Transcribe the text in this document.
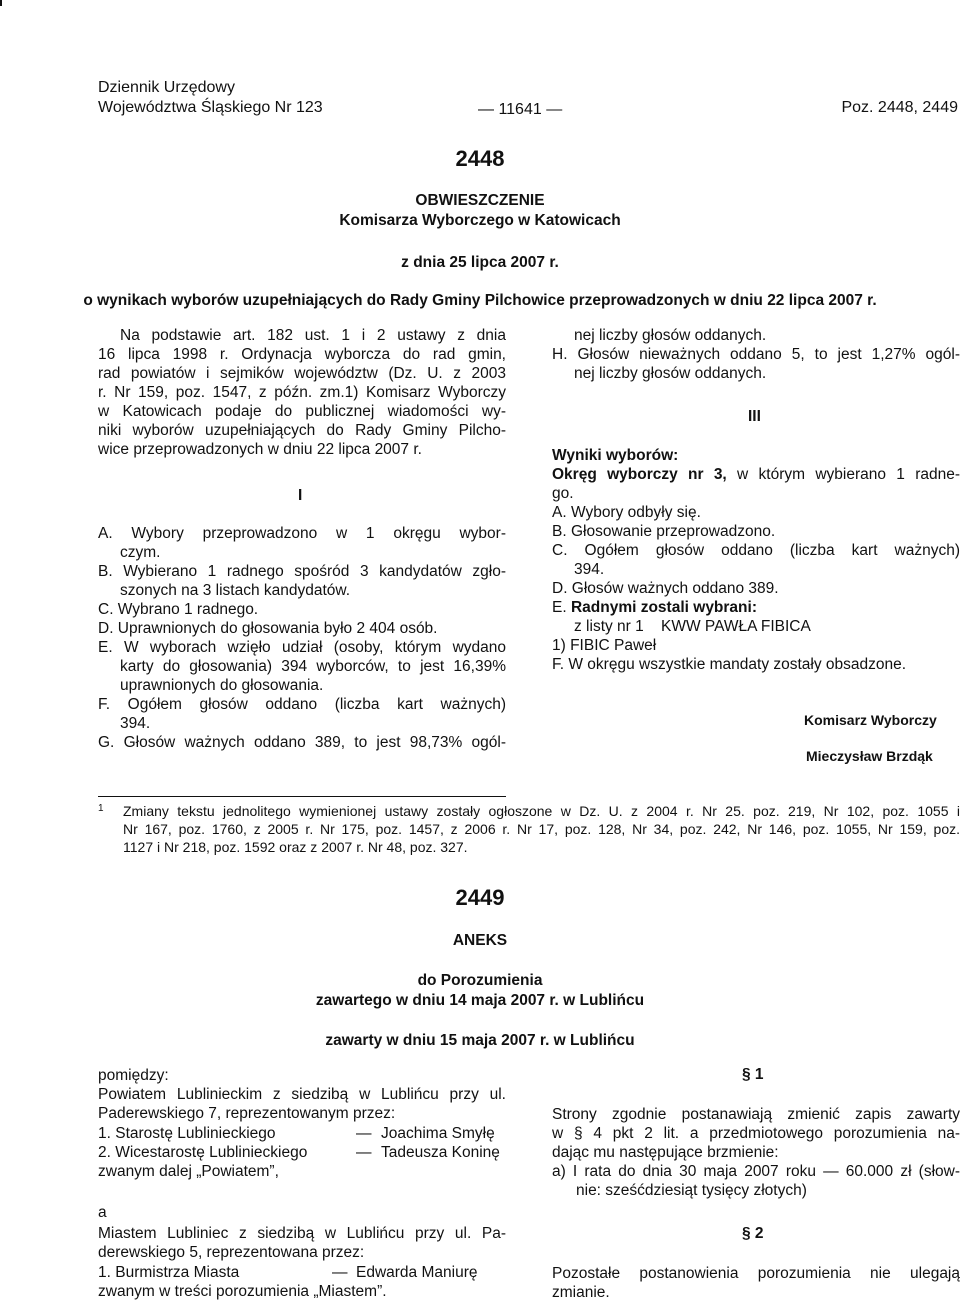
Dziennik Urzędowy
Województwa Śląskiego Nr 123	— 11641 —	Poz. 2448, 2449
2448
OBWIESZCZENIE
Komisarza Wyborczego w Katowicach
z dnia 25 lipca 2007 r.
o wynikach wyborów uzupełniających do Rady Gminy Pilchowice przeprowadzonych w dniu 22 lipca 2007 r.
Na podstawie art. 182 ust. 1 i 2 ustawy z dnia
16 lipca 1998 r. Ordynacja wyborcza do rad gmin,
rad powiatów i sejmików województw (Dz. U. z 2003
r. Nr 159, poz. 1547, z późn. zm.1) Komisarz Wyborczy
w Katowicach podaje do publicznej wiadomości wy-
niki wyborów uzupełniających do Rady Gminy Pilcho-
wice przeprowadzonych w dniu 22 lipca 2007 r.
I
A. Wybory przeprowadzono w 1 okręgu wybor-
czym.
B. Wybierano 1 radnego spośród 3 kandydatów zgło-
szonych na 3 listach kandydatów.
C. Wybrano 1 radnego.
D. Uprawnionych do głosowania było 2 404 osób.
E. W wyborach wzięło udział (osoby, którym wydano
karty do głosowania) 394 wyborców, to jest 16,39%
uprawnionych do głosowania.
F. Ogółem głosów oddano (liczba kart ważnych)
394.
G. Głosów ważnych oddano 389, to jest 98,73% ogól-
nej liczby głosów oddanych.
H. Głosów nieważnych oddano 5, to jest 1,27% ogól-
nej liczby głosów oddanych.
III
Wyniki wyborów:
Okręg wyborczy nr 3, w którym wybierano 1 radne-
go.
A. Wybory odbyły się.
B. Głosowanie przeprowadzono.
C. Ogółem głosów oddano (liczba kart ważnych)
394.
D. Głosów ważnych oddano 389.
E. Radnymi zostali wybrani:
z listy nr 1    KWW PAWŁA FIBICA
1) FIBIC Paweł
F. W okręgu wszystkie mandaty zostały obsadzone.
Komisarz Wyborczy
Mieczysław Brzdąk
1 Zmiany tekstu jednolitego wymienionej ustawy zostały ogłoszone w Dz. U. z 2004 r. Nr 25. poz. 219, Nr 102, poz. 1055 i
Nr 167, poz. 1760, z 2005 r. Nr 175, poz. 1457, z 2006 r. Nr 17, poz. 128, Nr 34, poz. 242, Nr 146, poz. 1055, Nr 159, poz.
1127 i Nr 218, poz. 1592 oraz z 2007 r. Nr 48, poz. 327.
2449
ANEKS
do Porozumienia
zawartego w dniu 14 maja 2007 r. w Lublińcu
zawarty w dniu 15 maja 2007 r. w Lublińcu
pomiędzy:
Powiatem Lublinieckim z siedzibą w Lublińcu przy ul.
Paderewskiego 7, reprezentowanym przez:
1. Starostę Lublinieckiego	— Joachima Smyłę
2. Wicestarostę Lublinieckiego	— Tadeusza Koninę
zwanym dalej „Powiatem”,
a
Miastem Lubliniec z siedzibą w Lublińcu przy ul. Pa-
derewskiego 5, reprezentowana przez:
1. Burmistrza Miasta	— Edwarda Maniurę
zwanym w treści porozumienia „Miastem”.
§ 1
Strony zgodnie postanawiają zmienić zapis zawarty
w § 4 pkt 2 lit. a przedmiotowego porozumienia na-
dając mu następujące brzmienie:
a) I rata do dnia 30 maja 2007 roku — 60.000 zł (słow-
nie: sześćdziesiąt tysięcy złotych)
§ 2
Pozostałe postanowienia porozumienia nie ulegają
zmianie.
